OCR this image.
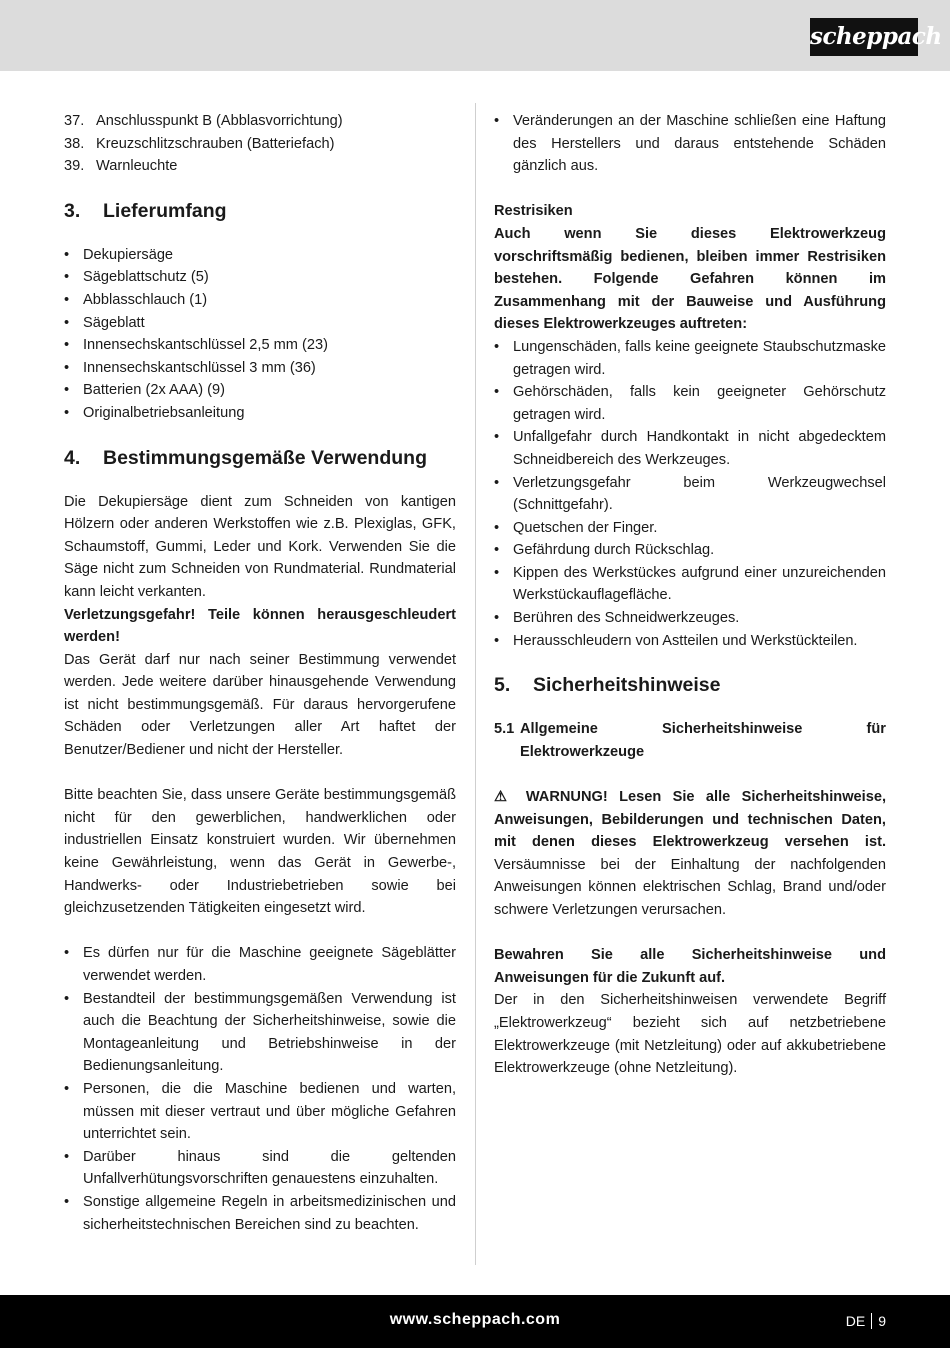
scheppach
37. Anschlusspunkt B (Abblasvorrichtung)
38. Kreuzschlitzschrauben (Batteriefach)
39. Warnleuchte
3.	Lieferumfang
• Dekupiersäge
• Sägeblattschutz (5)
• Abblasschlauch (1)
• Sägeblatt
• Innensechskantschlüssel 2,5 mm (23)
• Innensechskantschlüssel 3 mm (36)
• Batterien (2x AAA) (9)
• Originalbetriebsanleitung
4.	Bestimmungsgemäße Verwendung

Die Dekupiersäge dient zum Schneiden von kantigen Hölzern oder anderen Werkstoffen wie z.B. Plexiglas, GFK, Schaumstoff, Gummi, Leder und Kork. Verwenden Sie die Säge nicht zum Schneiden von Rundmaterial. Rundmaterial kann leicht verkanten.

Verletzungsgefahr! Teile können herausgeschleudert werden!

Das Gerät darf nur nach seiner Bestimmung verwendet werden. Jede weitere darüber hinausgehende Verwendung ist nicht bestimmungsgemäß. Für daraus hervorgerufene Schäden oder Verletzungen aller Art haftet der Benutzer/Bediener und nicht der Hersteller.

Bitte beachten Sie, dass unsere Geräte bestimmungsgemäß nicht für den gewerblichen, handwerklichen oder industriellen Einsatz konstruiert wurden. Wir übernehmen keine Gewährleistung, wenn das Gerät in Gewerbe-, Handwerks- oder Industriebetrieben sowie bei gleichzusetzenden Tätigkeiten eingesetzt wird.

• Es dürfen nur für die Maschine geeignete Sägeblätter verwendet werden.
• Bestandteil der bestimmungsgemäßen Verwendung ist auch die Beachtung der Sicherheitshinweise, sowie die Montageanleitung und Betriebshinweise in der Bedienungsanleitung.
• Personen, die die Maschine bedienen und warten, müssen mit dieser vertraut und über mögliche Gefahren unterrichtet sein.
• Darüber hinaus sind die geltenden Unfallverhütungsvorschriften genauestens einzuhalten.
• Sonstige allgemeine Regeln in arbeitsmedizinischen und sicherheitstechnischen Bereichen sind zu beachten.
• Veränderungen an der Maschine schließen eine Haftung des Herstellers und daraus entstehende Schäden gänzlich aus.
Restrisiken

Auch wenn Sie dieses Elektrowerkzeug vorschriftsmäßig bedienen, bleiben immer Restrisiken bestehen. Folgende Gefahren können im Zusammenhang mit der Bauweise und Ausführung dieses Elektrowerkzeuges auftreten:

• Lungenschäden, falls keine geeignete Staubschutzmaske getragen wird.
• Gehörschäden, falls kein geeigneter Gehörschutz getragen wird.
• Unfallgefahr durch Handkontakt in nicht abgedecktem Schneidbereich des Werkzeuges.
• Verletzungsgefahr beim Werkzeugwechsel (Schnittgefahr).
• Quetschen der Finger.
• Gefährdung durch Rückschlag.
• Kippen des Werkstückes aufgrund einer unzureichenden Werkstückauflagefläche.
• Berühren des Schneidwerkzeuges.
• Herausschleudern von Astteilen und Werkstückteilen.
5.	Sicherheitshinweise
5.1 Allgemeine Sicherheitshinweise für Elektrowerkzeuge

⚠ WARNUNG! Lesen Sie alle Sicherheitshinweise, Anweisungen, Bebilderungen und technischen Daten, mit denen dieses Elektrowerkzeug versehen ist. Versäumnisse bei der Einhaltung der nachfolgenden Anweisungen können elektrischen Schlag, Brand und/oder schwere Verletzungen verursachen.

Bewahren Sie alle Sicherheitshinweise und Anweisungen für die Zukunft auf.

Der in den Sicherheitshinweisen verwendete Begriff „Elektrowerkzeug“ bezieht sich auf netzbetriebene Elektrowerkzeuge (mit Netzleitung) oder auf akkubetriebene Elektrowerkzeuge (ohne Netzleitung).

www.scheppach.com	DE 9
